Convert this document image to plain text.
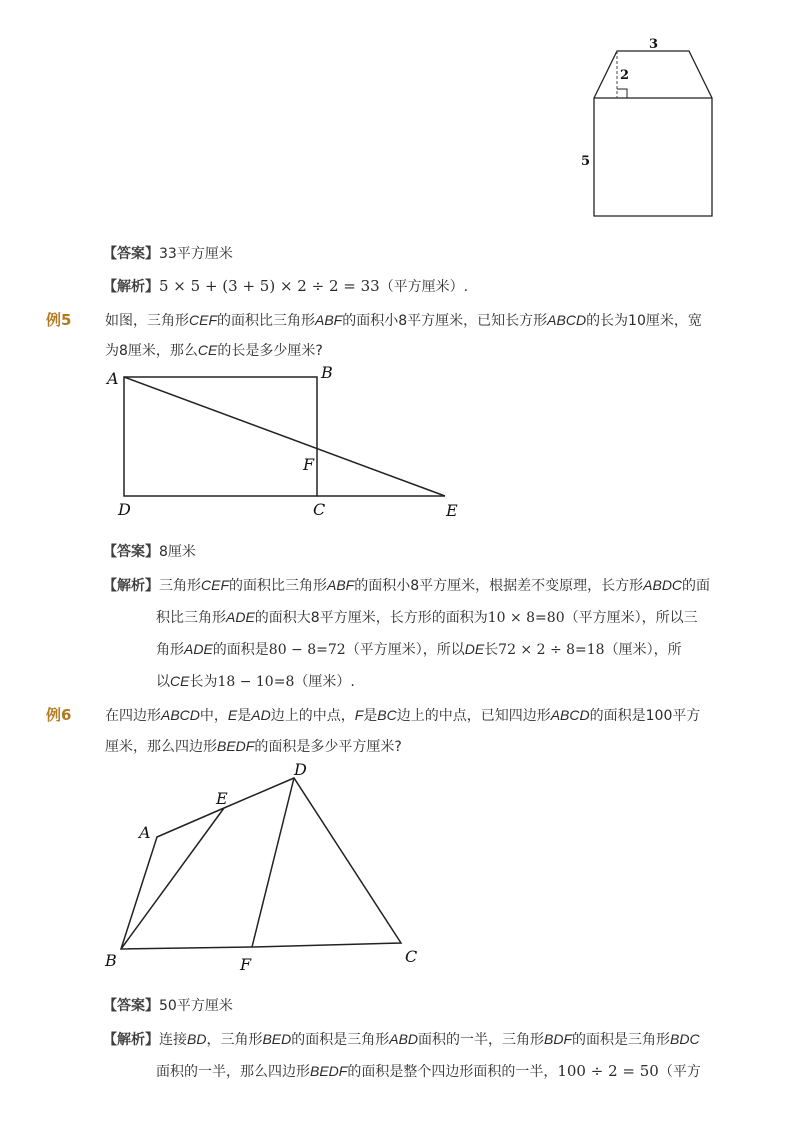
3
2
5
【答案】33平方厘米
【解析】5 × 5 + (3 + 5) × 2 ÷ 2 = 33（平方厘米）.
例5 如图，三角形CEF的面积比三角形ABF的面积小8平方厘米，已知长方形ABCD的长为10厘米，宽
为8厘米，那么CE的长是多少厘米?
A	B
F
D	C	E
【答案】8厘米
【解析】三角形CEF的面积比三角形ABF的面积小8平方厘米，根据差不变原理，长方形ABDC的面
积比三角形ADE的面积大8平方厘米，长方形的面积为10 × 8=80（平方厘米），所以三
角形ADE的面积是80 − 8=72（平方厘米），所以DE长72 × 2 ÷ 8=18（厘米），所
以CE长为18 − 10=8（厘米）.
例6 在四边形ABCD中，E是AD边上的中点，F是BC边上的中点，已知四边形ABCD的面积是100平方
厘米，那么四边形BEDF的面积是多少平方厘米?
A
E
D
B	F	C
【答案】50平方厘米
【解析】连接BD，三角形BED的面积是三角形ABD面积的一半，三角形BDF的面积是三角形BDC
面积的一半，那么四边形BEDF的面积是整个四边形面积的一半，100 ÷ 2 = 50（平方
